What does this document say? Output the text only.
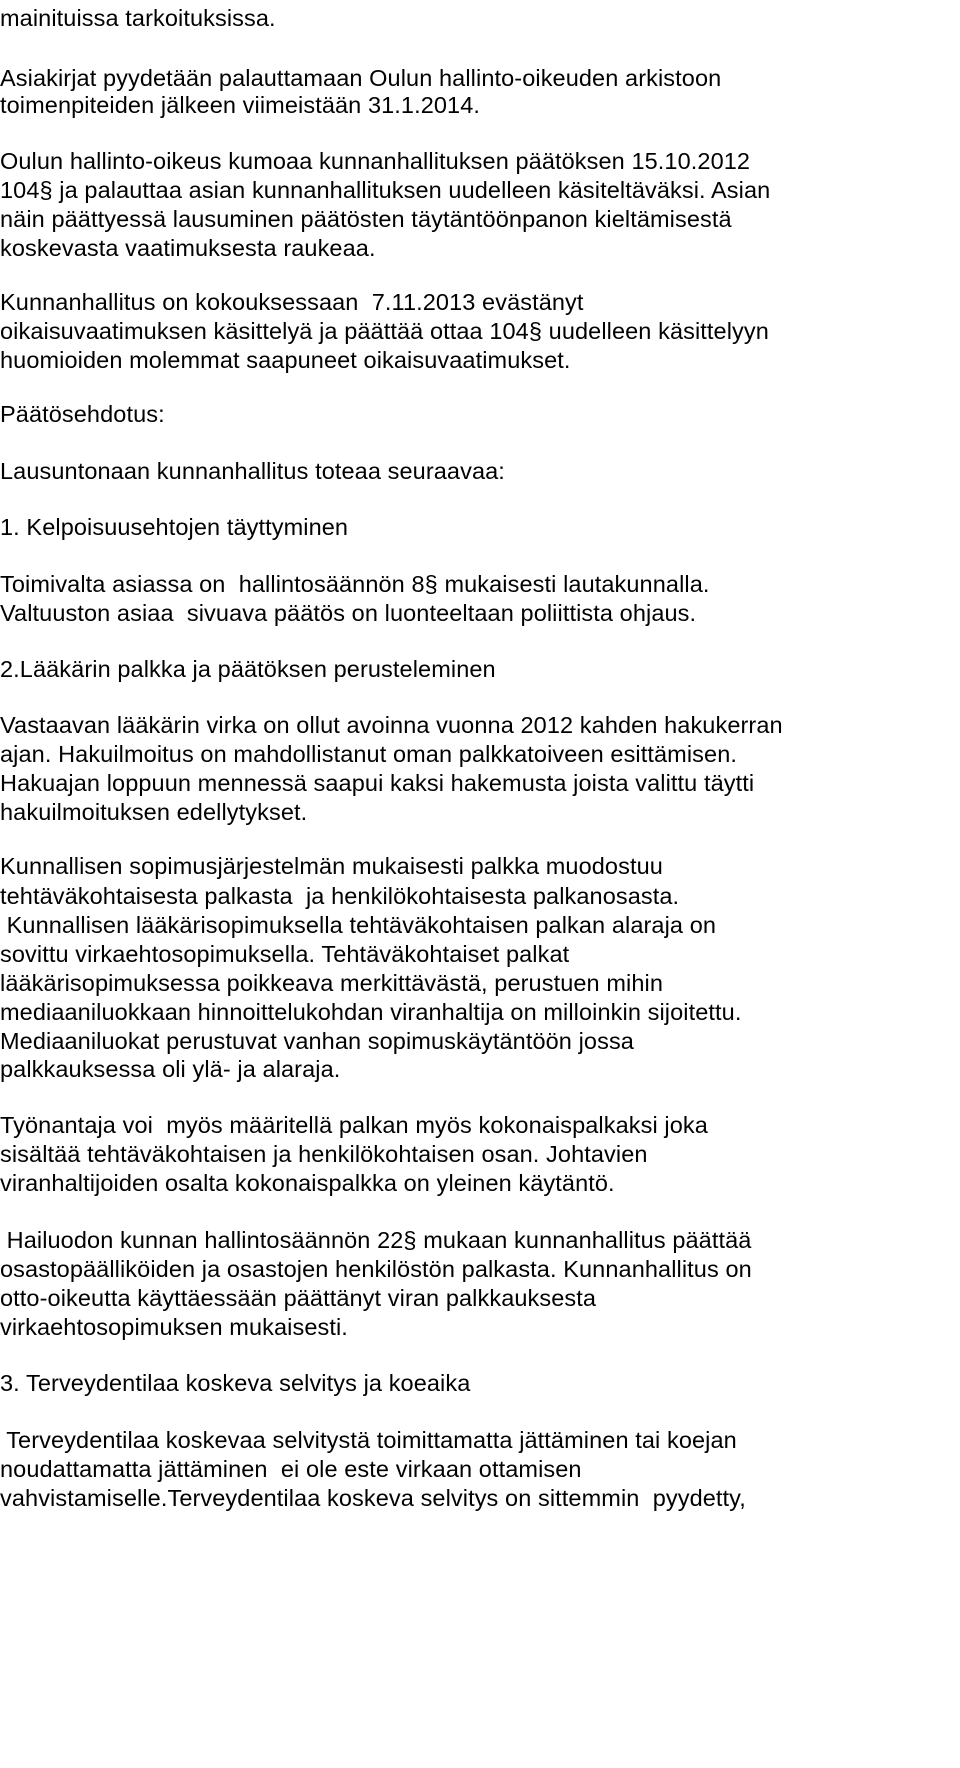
mainituissa tarkoituksissa.
Asiakirjat pyydetään palauttamaan Oulun hallinto-oikeuden arkistoon
toimenpiteiden jälkeen viimeistään 31.1.2014.
Oulun hallinto-oikeus kumoaa kunnanhallituksen päätöksen 15.10.2012
104§ ja palauttaa asian kunnanhallituksen uudelleen käsiteltäväksi. Asian
näin päättyessä lausuminen päätösten täytäntöönpanon kieltämisestä
koskevasta vaatimuksesta raukeaa.
Kunnanhallitus on kokouksessaan  7.11.2013 evästänyt
oikaisuvaatimuksen käsittelyä ja päättää ottaa 104§ uudelleen käsittelyyn
huomioiden molemmat saapuneet oikaisuvaatimukset.
Päätösehdotus:
Lausuntonaan kunnanhallitus toteaa seuraavaa:
1. Kelpoisuusehtojen täyttyminen
Toimivalta asiassa on  hallintosäännön 8§ mukaisesti lautakunnalla.
Valtuuston asiaa  sivuava päätös on luonteeltaan poliittista ohjaus.
2.Lääkärin palkka ja päätöksen perusteleminen
Vastaavan lääkärin virka on ollut avoinna vuonna 2012 kahden hakukerran
ajan. Hakuilmoitus on mahdollistanut oman palkkatoiveen esittämisen.
Hakuajan loppuun mennessä saapui kaksi hakemusta joista valittu täytti
hakuilmoituksen edellytykset.
Kunnallisen sopimusjärjestelmän mukaisesti palkka muodostuu
tehtäväkohtaisesta palkasta  ja henkilökohtaisesta palkanosasta.
Kunnallisen lääkärisopimuksella tehtäväkohtaisen palkan alaraja on
sovittu virkaehtosopimuksella. Tehtäväkohtaiset palkat
lääkärisopimuksessa poikkeava merkittävästä, perustuen mihin
mediaaniluokkaan hinnoittelukohdan viranhaltija on milloinkin sijoitettu.
Mediaaniluokat perustuvat vanhan sopimuskäytäntöön jossa
palkkauksessa oli ylä- ja alaraja.
Työnantaja voi  myös määritellä palkan myös kokonaispalkaksi joka
sisältää tehtäväkohtaisen ja henkilökohtaisen osan. Johtavien
viranhaltijoiden osalta kokonaispalkka on yleinen käytäntö.
Hailuodon kunnan hallintosäännön 22§ mukaan kunnanhallitus päättää
osastopäälliköiden ja osastojen henkilöstön palkasta. Kunnanhallitus on
otto-oikeutta käyttäessään päättänyt viran palkkauksesta
virkaehtosopimuksen mukaisesti.
3. Terveydentilaa koskeva selvitys ja koeaika
Terveydentilaa koskevaa selvitystä toimittamatta jättäminen tai koejan
noudattamatta jättäminen  ei ole este virkaan ottamisen
vahvistamiselle.Terveydentilaa koskeva selvitys on sittemmin  pyydetty,
